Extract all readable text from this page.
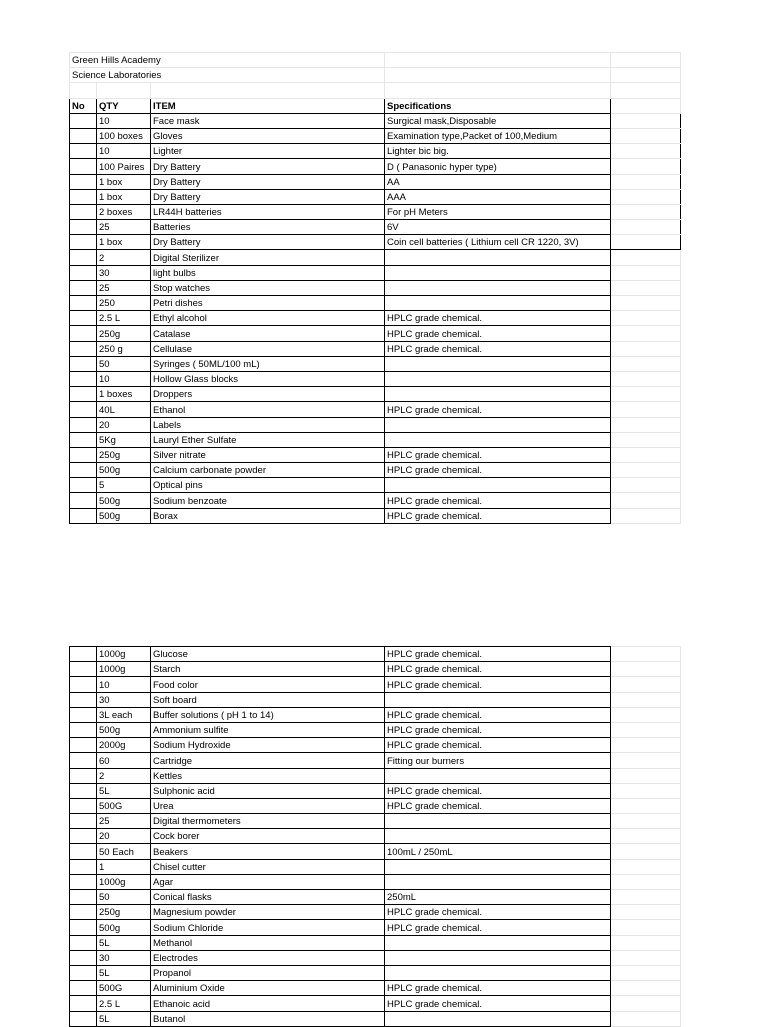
Green Hills Academy				
Science Laboratories				

No	QTY	ITEM	Specifications	
	10	Face mask	Surgical mask,Disposable	
	100 boxes	Gloves	Examination type,Packet of 100,Medium	
	10	Lighter	Lighter bic big.	
	100 Paires	Dry Battery	D ( Panasonic hyper type)	
	1 box	Dry Battery	AA	
	1 box	Dry Battery	AAA	
	2 boxes	LR44H batteries	For pH Meters	
	25	Batteries	6V	
	1 box	Dry Battery	Coin cell batteries ( Lithium cell CR 1220, 3V)	
	2	Digital Sterilizer		
	30	light bulbs		
	25	Stop watches		
	250	Petri dishes		
	2.5 L	Ethyl alcohol	HPLC grade chemical.	
	250g	Catalase	HPLC grade chemical.	
	250 g	Cellulase	HPLC grade chemical.	
	50	Syringes ( 50ML/100 mL)		
	10	Hollow Glass blocks		
	1 boxes	Droppers		
	40L	Ethanol	HPLC grade chemical.	
	20	Labels		
	5Kg	Lauryl Ether Sulfate		
	250g	Silver nitrate	HPLC grade chemical.	
	500g	Calcium carbonate powder	HPLC grade chemical.	
	5	Optical pins		
	500g	Sodium benzoate	HPLC grade chemical.	
	500g	Borax	HPLC grade chemical.	
	1000g	Glucose	HPLC grade chemical.	
	1000g	Starch	HPLC grade chemical.	
	10	Food color	HPLC grade chemical.	
	30	Soft board		
	3L each	Buffer solutions ( pH 1 to 14)	HPLC grade chemical.	
	500g	Ammonium sulfite	HPLC grade chemical.	
	2000g	Sodium Hydroxide	HPLC grade chemical.	
	60	Cartridge	Fitting our burners	
	2	Kettles		
	5L	Sulphonic acid	HPLC grade chemical.	
	500G	Urea	HPLC grade chemical.	
	25	Digital thermometers		
	20	Cock borer		
	50 Each	Beakers	100mL / 250mL	
	1	Chisel cutter		
	1000g	Agar		
	50	Conical flasks	250mL	
	250g	Magnesium powder	HPLC grade chemical.	
	500g	Sodium Chloride	HPLC grade chemical.	
	5L	Methanol		
	30	Electrodes		
	5L	Propanol		
	500G	Aluminium Oxide	HPLC grade chemical.	
	2.5 L	Ethanoic acid	HPLC grade chemical.	
	5L	Butanol		
